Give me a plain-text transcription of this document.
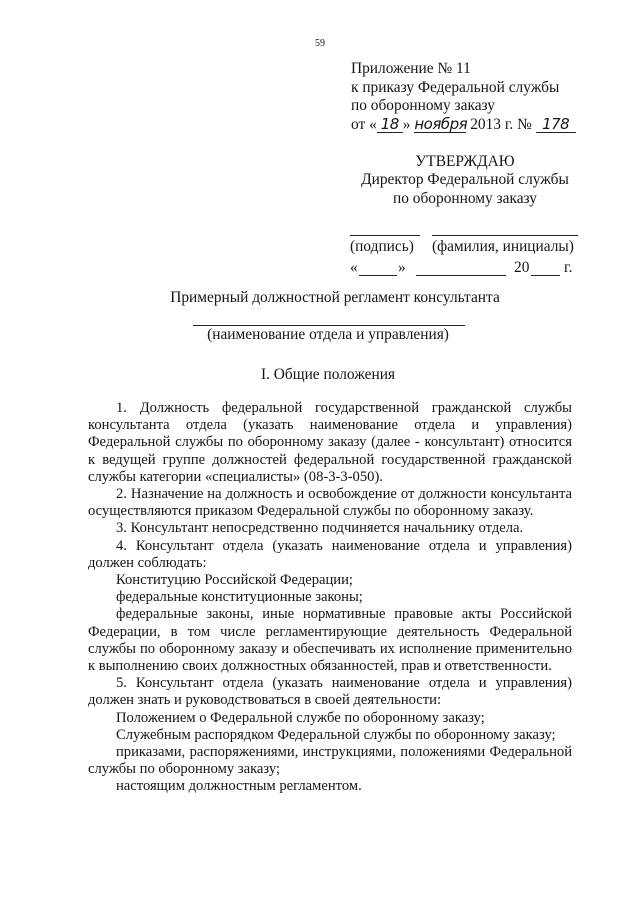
59
Приложение № 11
к приказу Федеральной службы
по оборонному заказу
от « 18 » ноября 2013 г. № 178
УТВЕРЖДАЮ
Директор Федеральной службы
по оборонному заказу
(подпись) (фамилия, инициалы)
«	»	20 г.
Примерный должностной регламент консультанта
(наименование отдела и управления)
I. Общие положения

1. Должность федеральной государственной гражданской службы консультанта отдела (указать наименование отдела и управления) Федеральной службы по оборонному заказу (далее - консультант) относится к ведущей группе должностей федеральной государственной гражданской службы категории «специалисты» (08-3-3-050).

2. Назначение на должность и освобождение от должности консультанта осуществляются приказом Федеральной службы по оборонному заказу.

3. Консультант непосредственно подчиняется начальнику отдела.

4. Консультант отдела (указать наименование отдела и управления) должен соблюдать:

Конституцию Российской Федерации;

федеральные конституционные законы;

федеральные законы, иные нормативные правовые акты Российской Федерации, в том числе регламентирующие деятельность Федеральной службы по оборонному заказу и обеспечивать их исполнение применительно к выполнению своих должностных обязанностей, прав и ответственности.

5. Консультант отдела (указать наименование отдела и управления) должен знать и руководствоваться в своей деятельности:

Положением о Федеральной службе по оборонному заказу;

Служебным распорядком Федеральной службы по оборонному заказу;

приказами, распоряжениями, инструкциями, положениями Федеральной службы по оборонному заказу;

настоящим должностным регламентом.
